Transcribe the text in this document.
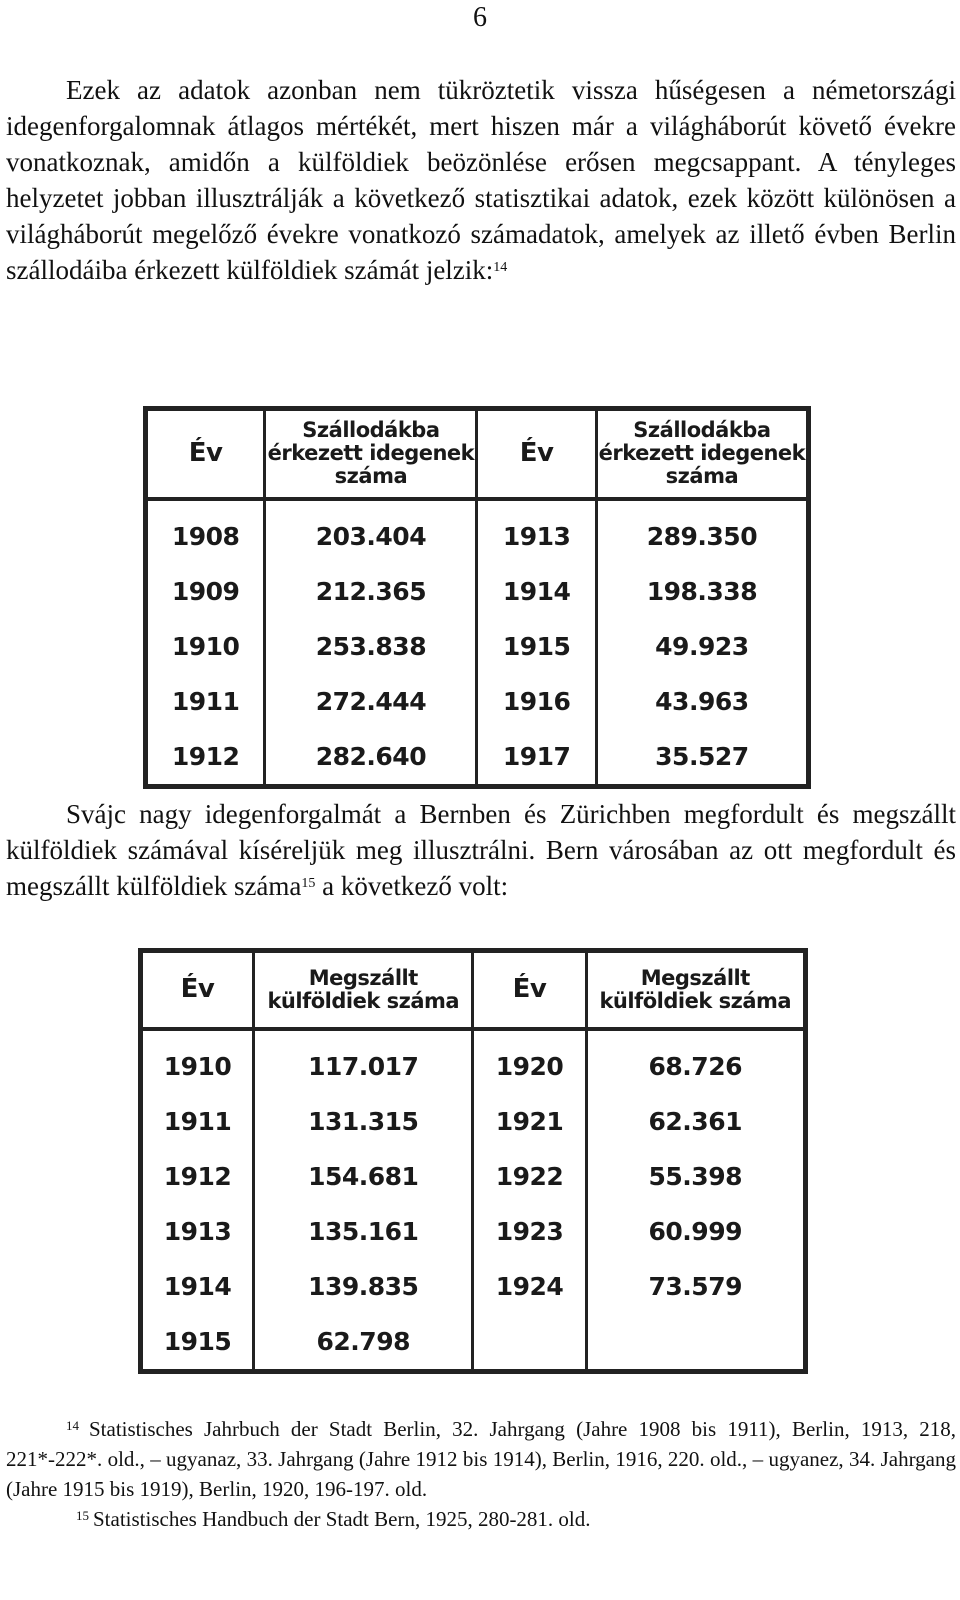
6

Ezek az adatok azonban nem tükröztetik vissza hűségesen a németországi idegenforgalomnak átlagos mértékét, mert hiszen már a világháborút követő évekre vonatkoznak, amidőn a külföldiek beözönlése erősen megcsappant. A tényleges helyzetet jobban illusztrálják a következő statisztikai adatok, ezek között különösen a világháborút megelőző évekre vonatkozó számadatok, amelyek az illető évben Berlin szállodáiba érkezett külföldiek számát jelzik:$^{14}$

Év	Szállodákba érkezett idegenek száma	Év	Szállodákba érkezett idegenek száma
1908	203.404	1913	289.350
1909	212.365	1914	198.338
1910	253.838	1915	49.923
1911	272.444	1916	43.963
1912	282.640	1917	35.527

Svájc nagy idegenforgalmát a Bernben és Zürichben megfordult és megszállt külföldiek számával kíséreljük meg illusztrálni. Bern városában az ott megfordult és megszállt külföldiek száma$^{15}$ a következő volt:

Év	Megszállt külföldiek száma	Év	Megszállt külföldiek száma
1910	117.017	1920	68.726
1911	131.315	1921	62.361
1912	154.681	1922	55.398
1913	135.161	1923	60.999
1914	139.835	1924	73.579
1915	62.798		

$^{14}$ Statistisches Jahrbuch der Stadt Berlin, 32. Jahrgang (Jahre 1908 bis 1911), Berlin, 1913, 218, 221*-222*. old., – ugyanaz, 33. Jahrgang (Jahre 1912 bis 1914), Berlin, 1916, 220. old., – ugyanez, 34. Jahrgang (Jahre 1915 bis 1919), Berlin, 1920, 196-197. old.

$^{15}$ Statistisches Handbuch der Stadt Bern, 1925, 280-281. old.
